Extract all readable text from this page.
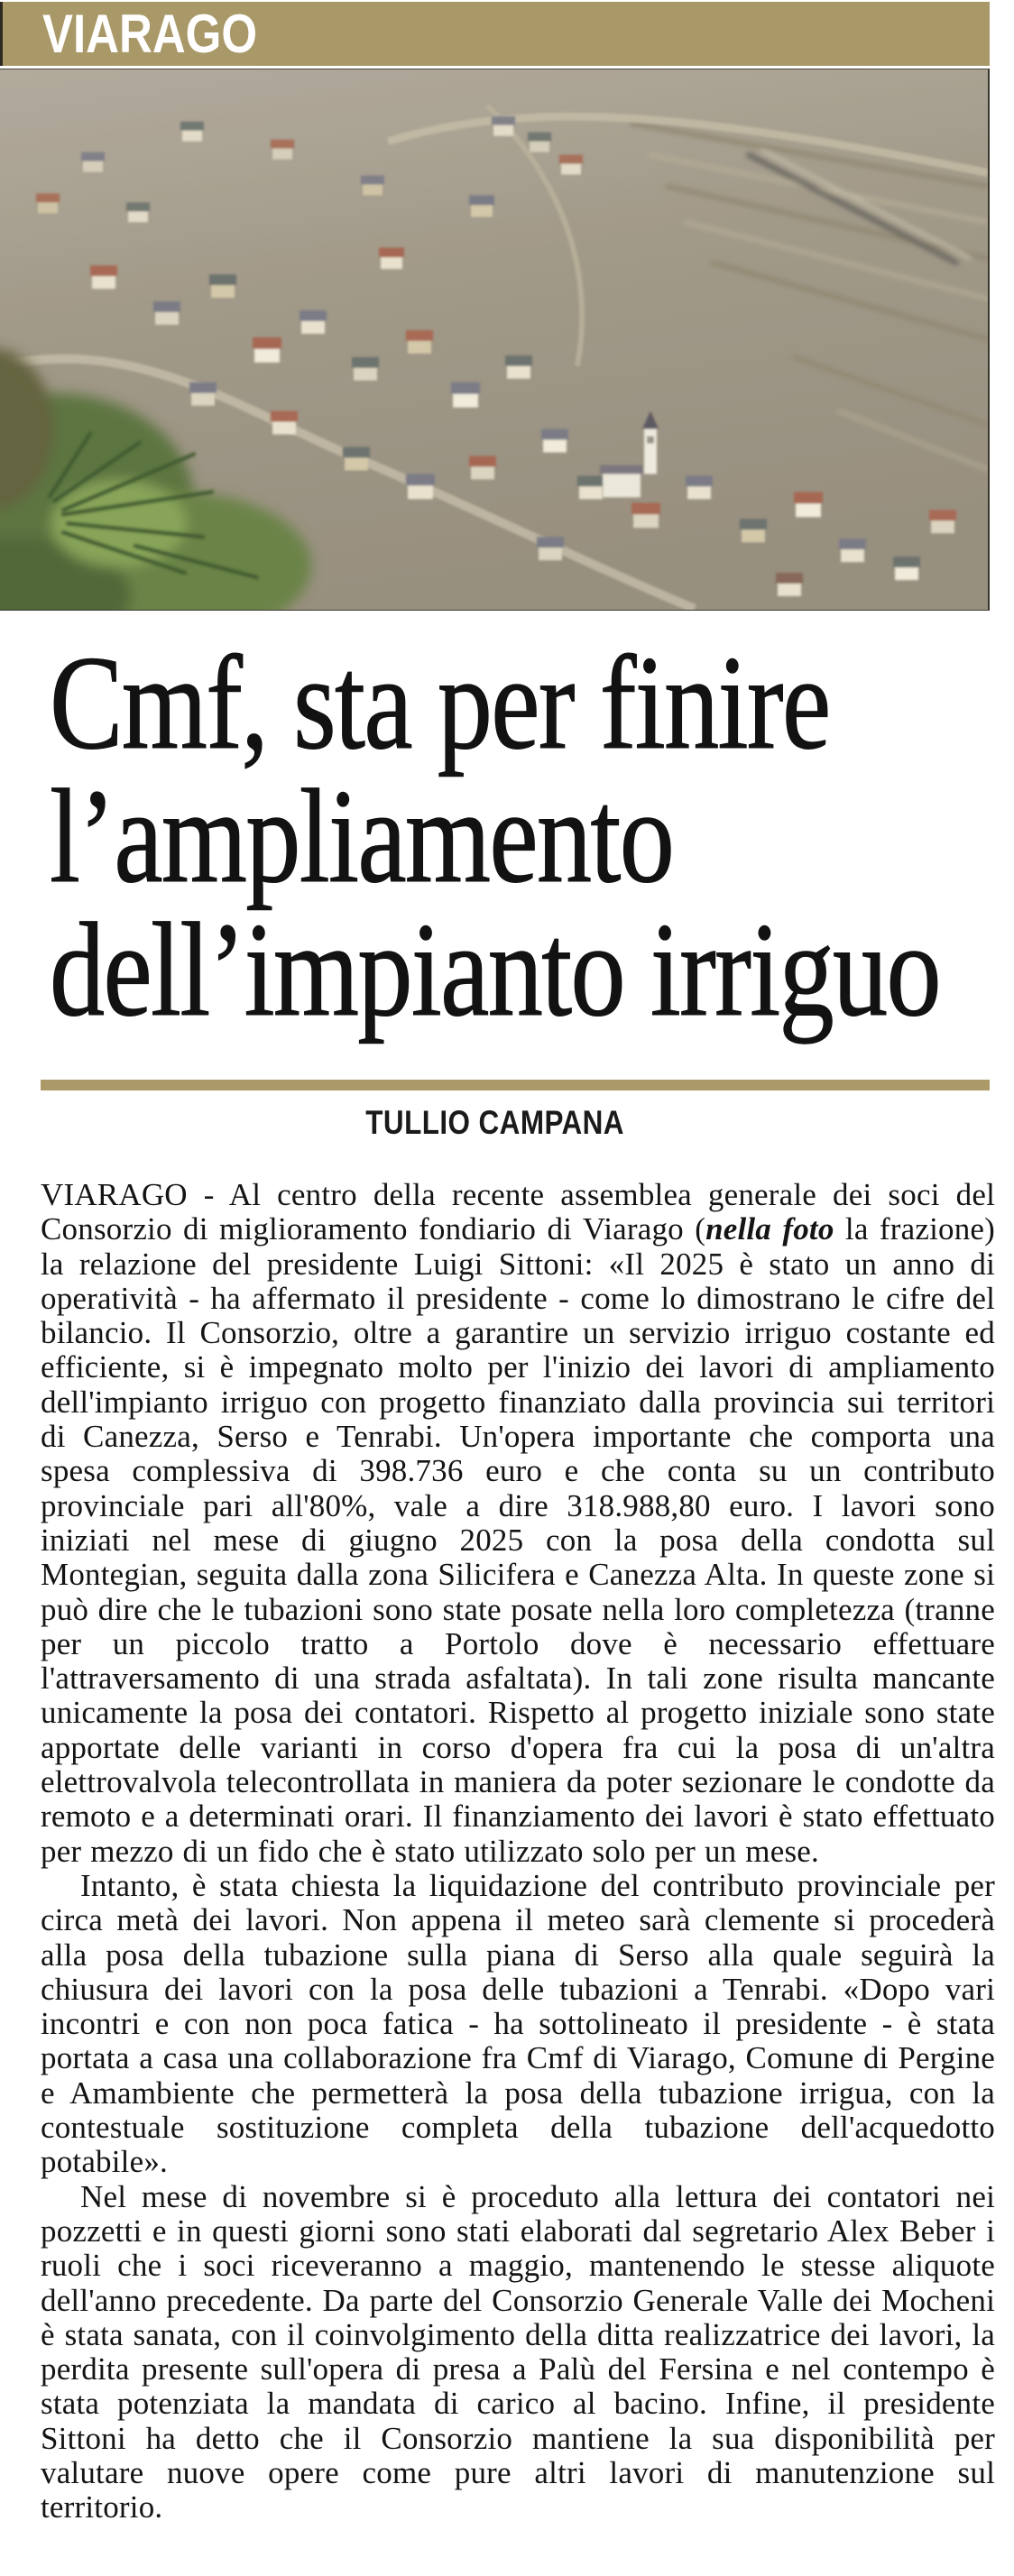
VIARAGO
Cmf, sta per finire
l’ampliamento
dell’impianto irriguo
TULLIO CAMPANA

VIARAGO - Al centro della recente assemblea generale dei soci del Consorzio di miglioramento fondiario di Viarago (nella foto la frazione) la relazione del presidente Luigi Sittoni: «Il 2025 è stato un anno di operatività - ha affermato il presidente - come lo dimostrano le cifre del bilancio. Il Consorzio, oltre a garantire un servizio irriguo costante ed efficiente, si è impegnato molto per l'inizio dei lavori di ampliamento dell'impianto irriguo con progetto finanziato dalla provincia sui territori di Canezza, Serso e Tenrabi. Un'opera importante che comporta una spesa complessiva di 398.736 euro e che conta su un contributo provinciale pari all'80%, vale a dire 318.988,80 euro. I lavori sono iniziati nel mese di giugno 2025 con la posa della condotta sul Montegian, seguita dalla zona Silicifera e Canezza Alta. In queste zone si può dire che le tubazioni sono state posate nella loro completezza (tranne per un piccolo tratto a Portolo dove è necessario effettuare l'attraversamento di una strada asfaltata). In tali zone risulta mancante unicamente la posa dei contatori. Rispetto al progetto iniziale sono state apportate delle varianti in corso d'opera fra cui la posa di un'altra elettrovalvola telecontrollata in maniera da poter sezionare le condotte da remoto e a determinati orari. Il finanziamento dei lavori è stato effettuato per mezzo di un fido che è stato utilizzato solo per un mese.

Intanto, è stata chiesta la liquidazione del contributo provinciale per circa metà dei lavori. Non appena il meteo sarà clemente si procederà alla posa della tubazione sulla piana di Serso alla quale seguirà la chiusura dei lavori con la posa delle tubazioni a Tenrabi. «Dopo vari incontri e con non poca fatica - ha sottolineato il presidente - è stata portata a casa una collaborazione fra Cmf di Viarago, Comune di Pergine e Amambiente che permetterà la posa della tubazione irrigua, con la contestuale sostituzione completa della tubazione dell'acquedotto potabile».

Nel mese di novembre si è proceduto alla lettura dei contatori nei pozzetti e in questi giorni sono stati elaborati dal segretario Alex Beber i ruoli che i soci riceveranno a maggio, mantenendo le stesse aliquote dell'anno precedente. Da parte del Consorzio Generale Valle dei Mocheni è stata sanata, con il coinvolgimento della ditta realizzatrice dei lavori, la perdita presente sull'opera di presa a Palù del Fersina e nel contempo è stata potenziata la mandata di carico al bacino. Infine, il presidente Sittoni ha detto che il Consorzio mantiene la sua disponibilità per valutare nuove opere come pure altri lavori di manutenzione sul territorio.
